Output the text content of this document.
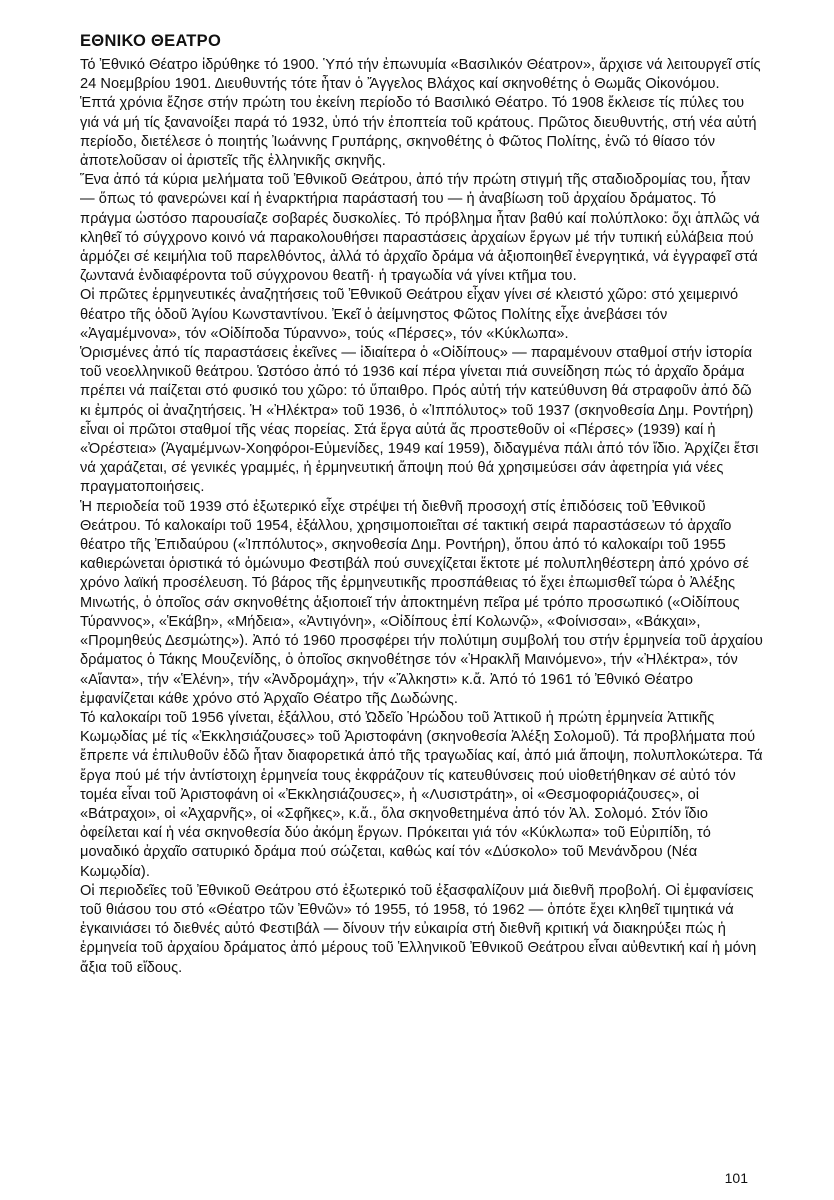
ΕΘΝΙΚΟ ΘΕΑΤΡΟ

Τό Ἐθνικό Θέατρο ἱδρύθηκε τό 1900. Ὑπό τήν ἐπωνυμία «Βασιλικόν Θέατρον», ἄρχισε νά λειτουργεῖ στίς 24 Νοεμβρίου 1901. Διευθυντής τότε ἦταν ὁ Ἄγγελος Βλάχος καί σκηνοθέτης ὁ Θωμᾶς Οἰκονόμου.

Ἑπτά χρόνια ἔζησε στήν πρώτη του ἐκείνη περίοδο τό Βασιλικό Θέατρο. Τό 1908 ἔκλεισε τίς πύλες του γιά νά μή τίς ξανανοίξει παρά τό 1932, ὑπό τήν ἐποπτεία τοῦ κράτους. Πρῶτος διευθυντής, στή νέα αὐτή περίοδο, διετέλεσε ὁ ποιητής Ἰωάννης Γρυπάρης, σκηνοθέτης ὁ Φῶτος Πολίτης, ἐνῶ τό θίασο τόν ἀποτελοῦσαν οἱ ἀριστεῖς τῆς ἑλληνικῆς σκηνῆς.

Ἕνα ἀπό τά κύρια μελήματα τοῦ Ἐθνικοῦ Θεάτρου, ἀπό τήν πρώτη στιγμή τῆς σταδιοδρομίας του, ἦταν — ὅπως τό φανερώνει καί ἡ ἐναρκτήρια παράστασή του — ἡ ἀναβίωση τοῦ ἀρχαίου δράματος. Τό πράγμα ὡστόσο παρουσίαζε σοβαρές δυσκολίες. Τό πρόβλημα ἦταν βαθύ καί πολύπλοκο: ὄχι ἁπλῶς νά κληθεῖ τό σύγχρονο κοινό νά παρακολουθήσει παραστάσεις ἀρχαίων ἔργων μέ τήν τυπική εὐλάβεια πού ἁρμόζει σέ κειμήλια τοῦ παρελθόντος, ἀλλά τό ἀρχαῖο δράμα νά ἀξιοποιηθεῖ ἐνεργητικά, νά ἐγγραφεῖ στά ζωντανά ἐνδιαφέροντα τοῦ σύγχρονου θεατῆ· ἡ τραγωδία νά γίνει κτῆμα του.

Οἱ πρῶτες ἑρμηνευτικές ἀναζητήσεις τοῦ Ἐθνικοῦ Θεάτρου εἶχαν γίνει σέ κλειστό χῶρο: στό χειμερινό θέατρο τῆς ὁδοῦ Ἁγίου Κωνσταντίνου. Ἐκεῖ ὁ ἀείμνηστος Φῶτος Πολίτης εἶχε ἀνεβάσει τόν «Ἀγαμέμνονα», τόν «Οἰδίποδα Τύραννο», τούς «Πέρσες», τόν «Κύκλωπα».

Ὁρισμένες ἀπό τίς παραστάσεις ἐκεῖνες — ἰδιαίτερα ὁ «Οἰδίπους» — παραμένουν σταθμοί στήν ἱστορία τοῦ νεοελληνικοῦ θεάτρου. Ὡστόσο ἀπό τό 1936 καί πέρα γίνεται πιά συνείδηση πώς τό ἀρχαῖο δράμα πρέπει νά παίζεται στό φυσικό του χῶρο: τό ὕπαιθρο. Πρός αὐτή τήν κατεύθυνση θά στραφοῦν ἀπό δῶ κι ἐμπρός οἱ ἀναζητήσεις. Ἡ «Ἠλέκτρα» τοῦ 1936, ὁ «Ἱππόλυτος» τοῦ 1937 (σκηνοθεσία Δημ. Ροντήρη) εἶναι οἱ πρῶτοι σταθμοί τῆς νέας πορείας. Στά ἔργα αὐτά ἄς προστεθοῦν οἱ «Πέρσες» (1939) καί ἡ «Ὀρέστεια» (Ἀγαμέμνων-Χοηφόροι-Εὐμενίδες, 1949 καί 1959), διδαγμένα πάλι ἀπό τόν ἴδιο. Ἀρχίζει ἔτσι νά χαράζεται, σέ γενικές γραμμές, ἡ ἑρμηνευτική ἄποψη πού θά χρησιμεύσει σάν ἀφετηρία γιά νέες πραγματοποιήσεις.

Ἡ περιοδεία τοῦ 1939 στό ἐξωτερικό εἶχε στρέψει τή διεθνῆ προσοχή στίς ἐπιδόσεις τοῦ Ἐθνικοῦ Θεάτρου. Τό καλοκαίρι τοῦ 1954, ἐξάλλου, χρησιμοποιεῖται σέ τακτική σειρά παραστάσεων τό ἀρχαῖο θέατρο τῆς Ἐπιδαύρου («Ἱππόλυτος», σκηνοθεσία Δημ. Ροντήρη), ὅπου ἀπό τό καλοκαίρι τοῦ 1955 καθιερώνεται ὁριστικά τό ὁμώνυμο Φεστιβάλ πού συνεχίζεται ἔκτοτε μέ πολυπληθέστερη ἀπό χρόνο σέ χρόνο λαϊκή προσέλευση. Τό βάρος τῆς ἑρμηνευτικῆς προσπάθειας τό ἔχει ἐπωμισθεῖ τώρα ὁ Ἀλέξης Μινωτής, ὁ ὁποῖος σάν σκηνοθέτης ἀξιοποιεῖ τήν ἀποκτημένη πεῖρα μέ τρόπο προσωπικό («Οἰδίπους Τύραννος», «Ἑκάβη», «Μήδεια», «Ἀντιγόνη», «Οἰδίπους ἐπί Κολωνῷ», «Φοίνισσαι», «Βάκχαι», «Προμηθεύς Δεσμώτης»). Ἀπό τό 1960 προσφέρει τήν πολύτιμη συμβολή του στήν ἑρμηνεία τοῦ ἀρχαίου δράματος ὁ Τάκης Μουζενίδης, ὁ ὁποῖος σκηνοθέτησε τόν «Ἡρακλῆ Μαινόμενο», τήν «Ἠλέκτρα», τόν «Αἴαντα», τήν «Ἑλένη», τήν «Ἀνδρομάχη», τήν «Ἄλκηστι» κ.ἄ. Ἀπό τό 1961 τό Ἐθνικό Θέατρο ἐμφανίζεται κάθε χρόνο στό Ἀρχαῖο Θέατρο τῆς Δωδώνης.

Τό καλοκαίρι τοῦ 1956 γίνεται, ἐξάλλου, στό Ὠδεῖο Ἡρώδου τοῦ Ἀττικοῦ ἡ πρώτη ἑρμηνεία Ἀττικῆς Κωμῳδίας μέ τίς «Ἐκκλησιάζουσες» τοῦ Ἀριστοφάνη (σκηνοθεσία Ἀλέξη Σολομοῦ). Τά προβλήματα πού ἔπρεπε νά ἐπιλυθοῦν ἐδῶ ἦταν διαφορετικά ἀπό τῆς τραγωδίας καί, ἀπό μιά ἄποψη, πολυπλοκώτερα. Τά ἔργα πού μέ τήν ἀντίστοιχη ἑρμηνεία τους ἐκφράζουν τίς κατευθύνσεις πού υἱοθετήθηκαν σέ αὐτό τόν τομέα εἶναι τοῦ Ἀριστοφάνη οἱ «Ἐκκλησιάζουσες», ἡ «Λυσιστράτη», οἱ «Θεσμοφοριάζουσες», οἱ «Βάτραχοι», οἱ «Ἀχαρνῆς», οἱ «Σφῆκες», κ.ἄ., ὅλα σκηνοθετημένα ἀπό τόν Ἀλ. Σολομό. Στόν ἴδιο ὀφείλεται καί ἡ νέα σκηνοθεσία δύο ἀκόμη ἔργων. Πρόκειται γιά τόν «Κύκλωπα» τοῦ Εὐριπίδη, τό μοναδικό ἀρχαῖο σατυρικό δράμα πού σώζεται, καθώς καί τόν «Δύσκολο» τοῦ Μενάνδρου (Νέα Κωμῳδία).

Οἱ περιοδεῖες τοῦ Ἐθνικοῦ Θεάτρου στό ἐξωτερικό τοῦ ἐξασφαλίζουν μιά διεθνῆ προβολή. Οἱ ἐμφανίσεις τοῦ θιάσου του στό «Θέατρο τῶν Ἐθνῶν» τό 1955, τό 1958, τό 1962 — ὁπότε ἔχει κληθεῖ τιμητικά νά ἐγκαινιάσει τό διεθνές αὐτό Φεστιβάλ — δίνουν τήν εὐκαιρία στή διεθνῆ κριτική νά διακηρύξει πώς ἡ ἑρμηνεία τοῦ ἀρχαίου δράματος ἀπό μέρους τοῦ Ἑλληνικοῦ Ἐθνικοῦ Θεάτρου εἶναι αὐθεντική καί ἡ μόνη ἄξια τοῦ εἴδους.

101
